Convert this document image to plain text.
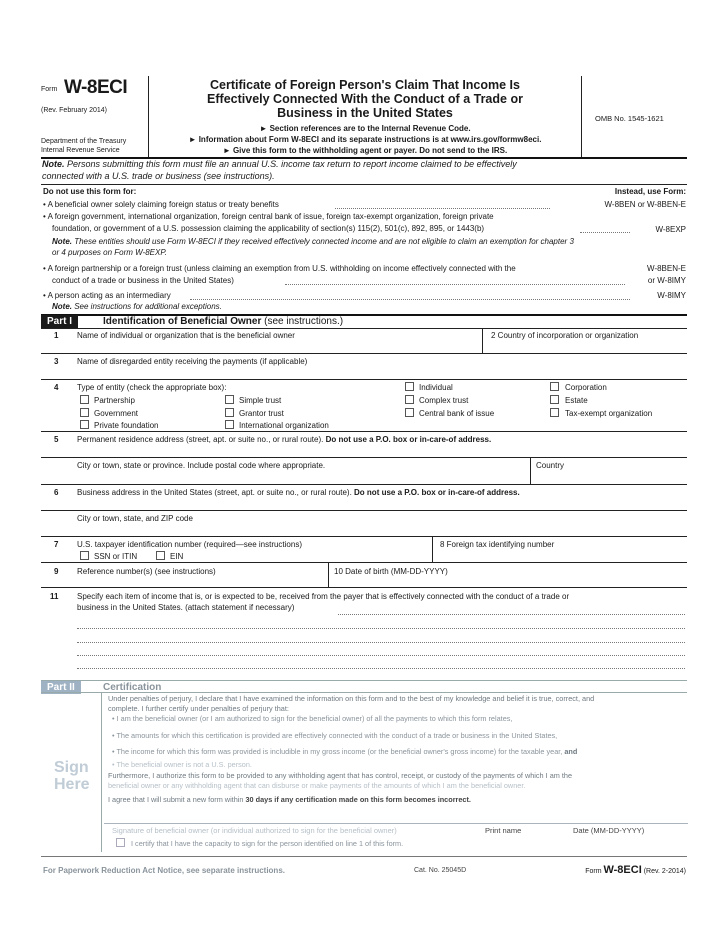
Form W-8ECI
(Rev. February 2014)
Department of the Treasury
Internal Revenue Service
Certificate of Foreign Person's Claim That Income Is
Effectively Connected With the Conduct of a Trade or
Business in the United States
► Section references are to the Internal Revenue Code.
► Information about Form W-8ECI and its separate instructions is at www.irs.gov/formw8eci.
► Give this form to the withholding agent or payer. Do not send to the IRS.
OMB No. 1545-1621
Note. Persons submitting this form must file an annual U.S. income tax return to report income claimed to be effectively
connected with a U.S. trade or business (see instructions).
Do not use this form for:	Instead, use Form:
• A beneficial owner solely claiming foreign status or treaty benefits	W-8BEN or W-8BEN-E
• A foreign government, international organization, foreign central bank of issue, foreign tax-exempt organization, foreign private
foundation, or government of a U.S. possession claiming the applicability of section(s) 115(2), 501(c), 892, 895, or 1443(b)	W-8EXP
Note. These entities should use Form W-8ECI if they received effectively connected income and are not eligible to claim an exemption for chapter 3
or 4 purposes on Form W-8EXP.
• A foreign partnership or a foreign trust (unless claiming an exemption from U.S. withholding on income effectively connected with the
conduct of a trade or business in the United States)
W-8BEN-E
or W-8IMY
• A person acting as an intermediary	W-8IMY
Note. See instructions for additional exceptions.
Part I	Identification of Beneficial Owner (see instructions.)
1 Name of individual or organization that is the beneficial owner	2 Country of incorporation or organization
3 Name of disregarded entity receiving the payments (if applicable)
4 Type of entity (check the appropriate box):	Individual	Corporation
Partnership	Simple trust	Complex trust	Estate
Government	Grantor trust	Central bank of issue	Tax-exempt organization
Private foundation	International organization
5 Permanent residence address (street, apt. or suite no., or rural route). Do not use a P.O. box or in-care-of address.
City or town, state or province. Include postal code where appropriate.	Country
6 Business address in the United States (street, apt. or suite no., or rural route). Do not use a P.O. box or in-care-of address.
City or town, state, and ZIP code
7 U.S. taxpayer identification number (required—see instructions)
SSN or ITIN	EIN
8 Foreign tax identifying number
9 Reference number(s) (see instructions)	10 Date of birth (MM-DD-YYYY)
11 Specify each item of income that is, or is expected to be, received from the payer that is effectively connected with the conduct of a trade or
business in the United States. (attach statement if necessary)
Part II	Certification
Sign
Here
Under penalties of perjury, I declare that I have examined the information on this form and to the best of my knowledge and belief it is true, correct, and
complete. I further certify under penalties of perjury that:
• I am the beneficial owner (or I am authorized to sign for the beneficial owner) of all the payments to which this form relates,
• The amounts for which this certification is provided are effectively connected with the conduct of a trade or business in the United States,
• The income for which this form was provided is includible in my gross income (or the beneficial owner's gross income) for the taxable year, and
• The beneficial owner is not a U.S. person.
Furthermore, I authorize this form to be provided to any withholding agent that has control, receipt, or custody of the payments of which I am the
beneficial owner or any withholding agent that can disburse or make payments of the amounts of which I am the beneficial owner.
I agree that I will submit a new form within 30 days if any certification made on this form becomes incorrect.
Signature of beneficial owner (or individual authorized to sign for the beneficial owner)	Print name	Date (MM-DD-YYYY)
I certify that I have the capacity to sign for the person identified on line 1 of this form.
For Paperwork Reduction Act Notice, see separate instructions.	Cat. No. 25045D	Form W-8ECI (Rev. 2-2014)
